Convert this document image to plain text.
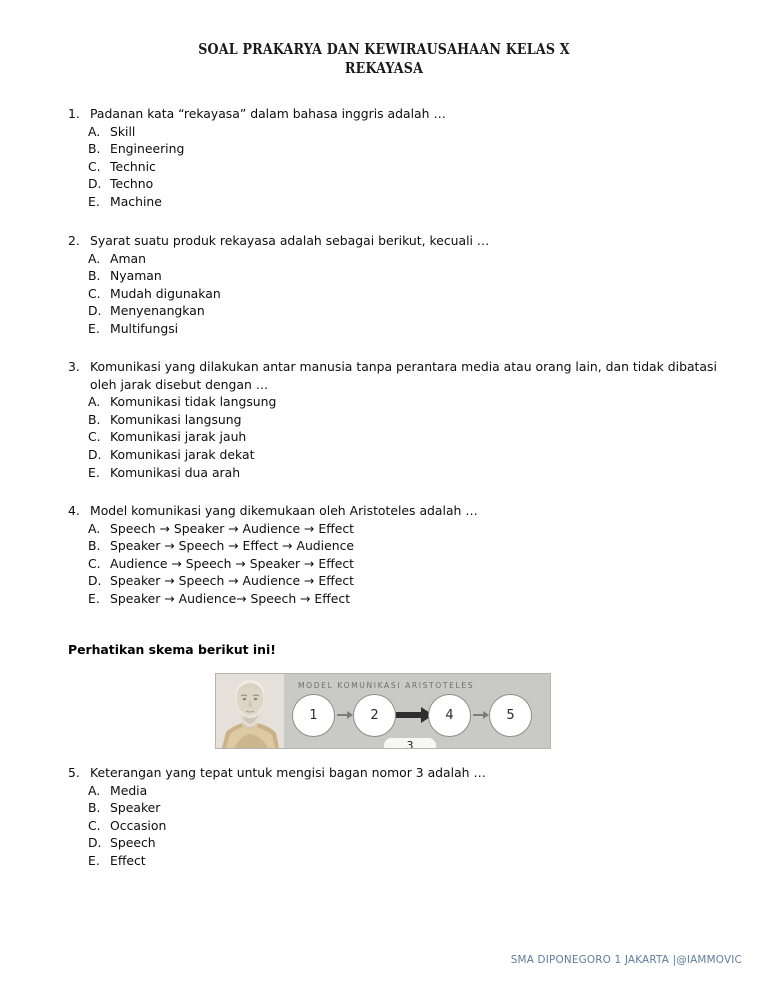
SOAL PRAKARYA DAN KEWIRAUSAHAAN KELAS X
REKAYASA
1. Padanan kata “rekayasa” dalam bahasa inggris adalah …
A. Skill
B. Engineering
C. Technic
D. Techno
E. Machine
2. Syarat suatu produk rekayasa adalah sebagai berikut, kecuali …
A. Aman
B. Nyaman
C. Mudah digunakan
D. Menyenangkan
E. Multifungsi
3. Komunikasi yang dilakukan antar manusia tanpa perantara media atau orang lain, dan tidak dibatasi oleh jarak disebut dengan …
A. Komunikasi tidak langsung
B. Komunikasi langsung
C. Komunikasi jarak jauh
D. Komunikasi jarak dekat
E. Komunikasi dua arah
4. Model komunikasi yang dikemukaan oleh Aristoteles adalah …
A. Speech → Speaker → Audience → Effect
B. Speaker → Speech → Effect → Audience
C. Audience → Speech → Speaker → Effect
D. Speaker → Speech → Audience → Effect
E. Speaker → Audience→ Speech → Effect
Perhatikan skema berikut ini!
MODEL KOMUNIKASI ARISTOTELES
1	2	4	5
3
5. Keterangan yang tepat untuk mengisi bagan nomor 3 adalah …
A. Media
B. Speaker
C. Occasion
D. Speech
E. Effect
SMA DIPONEGORO 1 JAKARTA |@IAMMOVIC
